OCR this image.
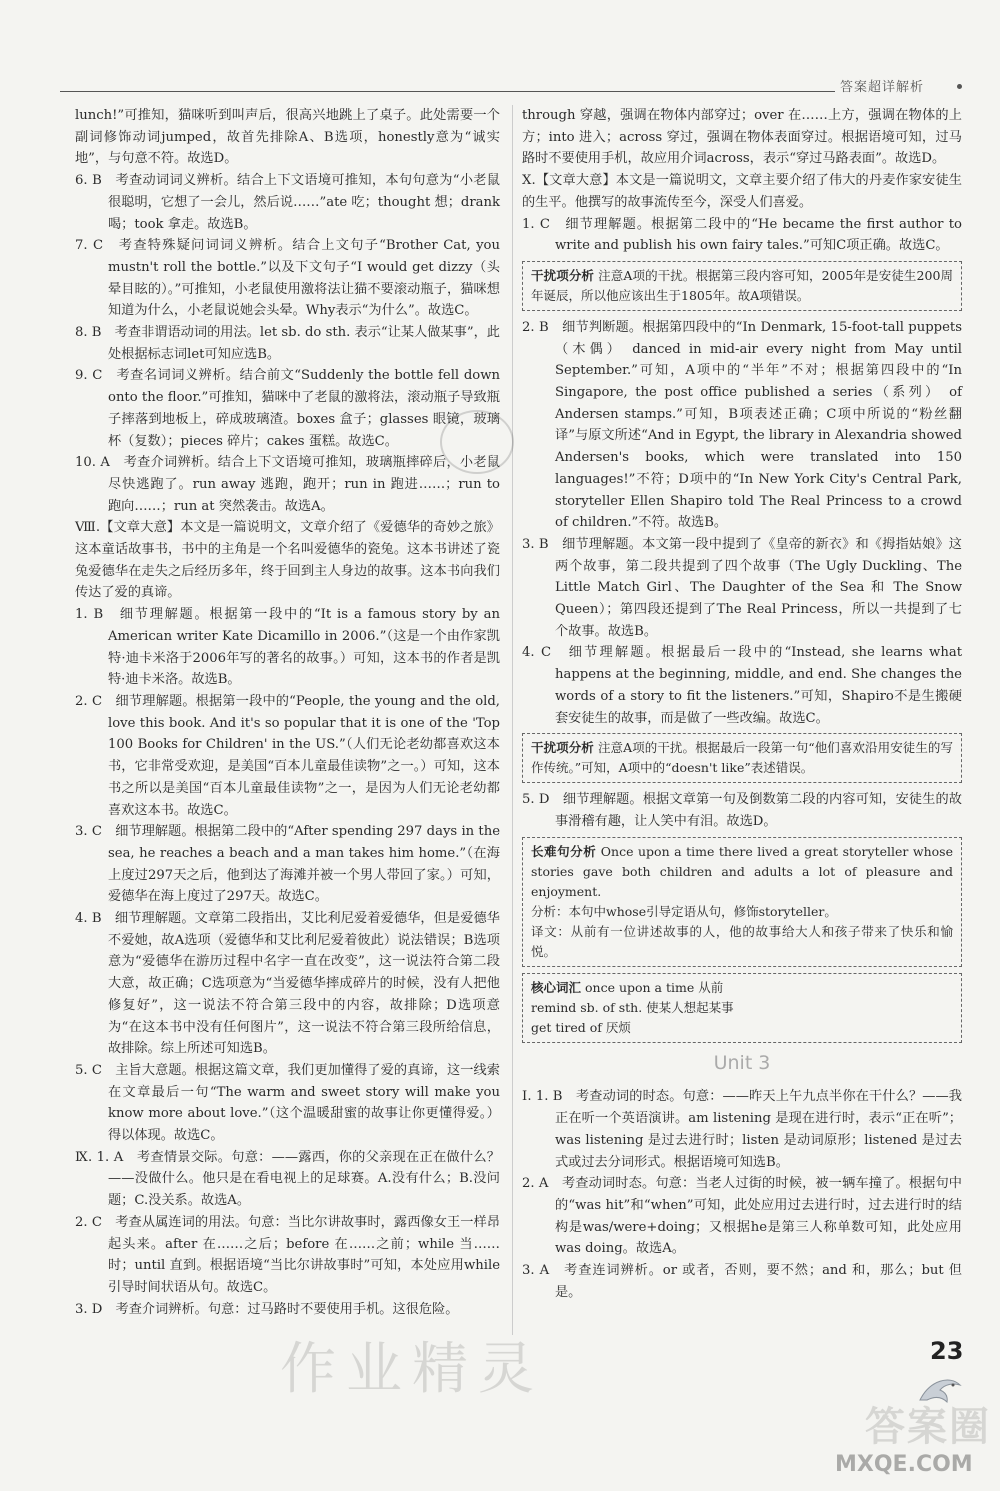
答案超详解析

lunch!”可推知，猫咪听到叫声后，很高兴地跳上了桌子。此处需要一个副词修饰动词jumped，故首先排除A、B选项，honestly意为“诚实地”，与句意不符。故选D。

6. B　考查动词词义辨析。结合上下文语境可推知，本句句意为“小老鼠很聪明，它想了一会儿，然后说……”ate 吃；thought 想；drank 喝；took 拿走。故选B。

7. C　考查特殊疑问词词义辨析。结合上文句子“Brother Cat, you mustn't roll the bottle.”以及下文句子“I would get dizzy（头晕目眩的）。”可推知，小老鼠使用激将法让猫不要滚动瓶子，猫咪想知道为什么，小老鼠说她会头晕。Why表示“为什么”。故选C。

8. B　考查非谓语动词的用法。let sb. do sth. 表示“让某人做某事”，此处根据标志词let可知应选B。

9. C　考查名词词义辨析。结合前文“Suddenly the bottle fell down onto the floor.”可推知，猫咪中了老鼠的激将法，滚动瓶子导致瓶子摔落到地板上，碎成玻璃渣。boxes 盒子；glasses 眼镜，玻璃杯（复数）；pieces 碎片；cakes 蛋糕。故选C。

10. A　考查介词辨析。结合上下文语境可推知，玻璃瓶摔碎后，小老鼠尽快逃跑了。run away 逃跑，跑开；run in 跑进……；run to 跑向……；run at 突然袭击。故选A。

Ⅷ.【文章大意】本文是一篇说明文，文章介绍了《爱德华的奇妙之旅》这本童话故事书，书中的主角是一个名叫爱德华的瓷兔。这本书讲述了瓷兔爱德华在走失之后经历多年，终于回到主人身边的故事。这本书向我们传达了爱的真谛。

1. B　细节理解题。根据第一段中的“It is a famous story by an American writer Kate Dicamillo in 2006.”（这是一个由作家凯特·迪卡米洛于2006年写的著名的故事。）可知，这本书的作者是凯特·迪卡米洛。故选B。

2. C　细节理解题。根据第一段中的“People, the young and the old, love this book. And it's so popular that it is one of the 'Top 100 Books for Children' in the US.”（人们无论老幼都喜欢这本书，它非常受欢迎，是美国“百本儿童最佳读物”之一。）可知，这本书之所以是美国“百本儿童最佳读物”之一，是因为人们无论老幼都喜欢这本书。故选C。

3. C　细节理解题。根据第二段中的“After spending 297 days in the sea, he reaches a beach and a man takes him home.”（在海上度过297天之后，他到达了海滩并被一个男人带回了家。）可知，爱德华在海上度过了297天。故选C。

4. B　细节理解题。文章第二段指出，艾比利尼爱着爱德华，但是爱德华不爱她，故A选项（爱德华和艾比利尼爱着彼此）说法错误；B选项意为“爱德华在游历过程中名字一直在改变”，这一说法符合第二段大意，故正确；C选项意为“当爱德华摔成碎片的时候，没有人把他修复好”，这一说法不符合第三段中的内容，故排除；D选项意为“在这本书中没有任何图片”，这一说法不符合第三段所给信息，故排除。综上所述可知选B。

5. C　主旨大意题。根据这篇文章，我们更加懂得了爱的真谛，这一线索在文章最后一句“The warm and sweet story will make you know more about love.”（这个温暖甜蜜的故事让你更懂得爱。）得以体现。故选C。

Ⅸ. 1. A　考查情景交际。句意：——露西，你的父亲现在正在做什么？——没做什么。他只是在看电视上的足球赛。A.没有什么；B.没问题；C.没关系。故选A。

2. C　考查从属连词的用法。句意：当比尔讲故事时，露西像女王一样昂起头来。after 在……之后；before 在……之前；while 当……时；until 直到。根据语境“当比尔讲故事时”可知，本处应用while引导时间状语从句。故选C。

3. D　考查介词辨析。句意：过马路时不要使用手机。这很危险。

through 穿越，强调在物体内部穿过；over 在……上方，强调在物体的上方；into 进入；across 穿过，强调在物体表面穿过。根据语境可知，过马路时不要使用手机，故应用介词across，表示“穿过马路表面”。故选D。

Ⅹ.【文章大意】本文是一篇说明文，文章主要介绍了伟大的丹麦作家安徒生的生平。他撰写的故事流传至今，深受人们喜爱。

1. C　细节理解题。根据第二段中的“He became the first author to write and publish his own fairy tales.”可知C项正确。故选C。

干扰项分析 注意A项的干扰。根据第三段内容可知，2005年是安徒生200周年诞辰，所以他应该出生于1805年。故A项错误。

2. B　细节判断题。根据第四段中的“In Denmark, 15-foot-tall puppets（木偶） danced in mid-air every night from May until September.”可知，A项中的“半年”不对；根据第四段中的“In Singapore, the post office published a series（系列） of Andersen stamps.”可知，B项表述正确；C项中所说的“粉丝翻译”与原文所述“And in Egypt, the library in Alexandria showed Andersen's books, which were translated into 150 languages!”不符；D项中的“In New York City's Central Park, storyteller Ellen Shapiro told The Real Princess to a crowd of children.”不符。故选B。

3. B　细节理解题。本文第一段中提到了《皇帝的新衣》和《拇指姑娘》这两个故事，第二段共提到了四个故事（The Ugly Duckling、The Little Match Girl、The Daughter of the Sea 和 The Snow Queen）；第四段还提到了The Real Princess，所以一共提到了七个故事。故选B。

4. C　细节理解题。根据最后一段中的“Instead, she learns what happens at the beginning, middle, and end. She changes the words of a story to fit the listeners.”可知，Shapiro不是生搬硬套安徒生的故事，而是做了一些改编。故选C。

干扰项分析 注意A项的干扰。根据最后一段第一句“他们喜欢沿用安徒生的写作传统。”可知，A项中的“doesn't like”表述错误。

5. D　细节理解题。根据文章第一句及倒数第二段的内容可知，安徒生的故事滑稽有趣，让人笑中有泪。故选D。

长难句分析 Once upon a time there lived a great storyteller whose stories gave both children and adults a lot of pleasure and enjoyment.

分析：本句中whose引导定语从句，修饰storyteller。

译文：从前有一位讲述故事的人，他的故事给大人和孩子带来了快乐和愉悦。

核心词汇 once upon a time 从前

remind sb. of sth. 使某人想起某事

get tired of 厌烦

Unit 3

Ⅰ. 1. B　考查动词的时态。句意：——昨天上午九点半你在干什么？——我正在听一个英语演讲。am listening 是现在进行时，表示“正在听”；was listening 是过去进行时；listen 是动词原形；listened 是过去式或过去分词形式。根据语境可知选B。

2. A　考查动词时态。句意：当老人过街的时候，被一辆车撞了。根据句中的“was hit”和“when”可知，此处应用过去进行时，过去进行时的结构是was/were+doing；又根据he是第三人称单数可知，此处应用was doing。故选A。

3. A　考查连词辨析。or 或者，否则，要不然；and 和，那么；but 但是。

23
作业精灵
答案圈
MXQE.COM
